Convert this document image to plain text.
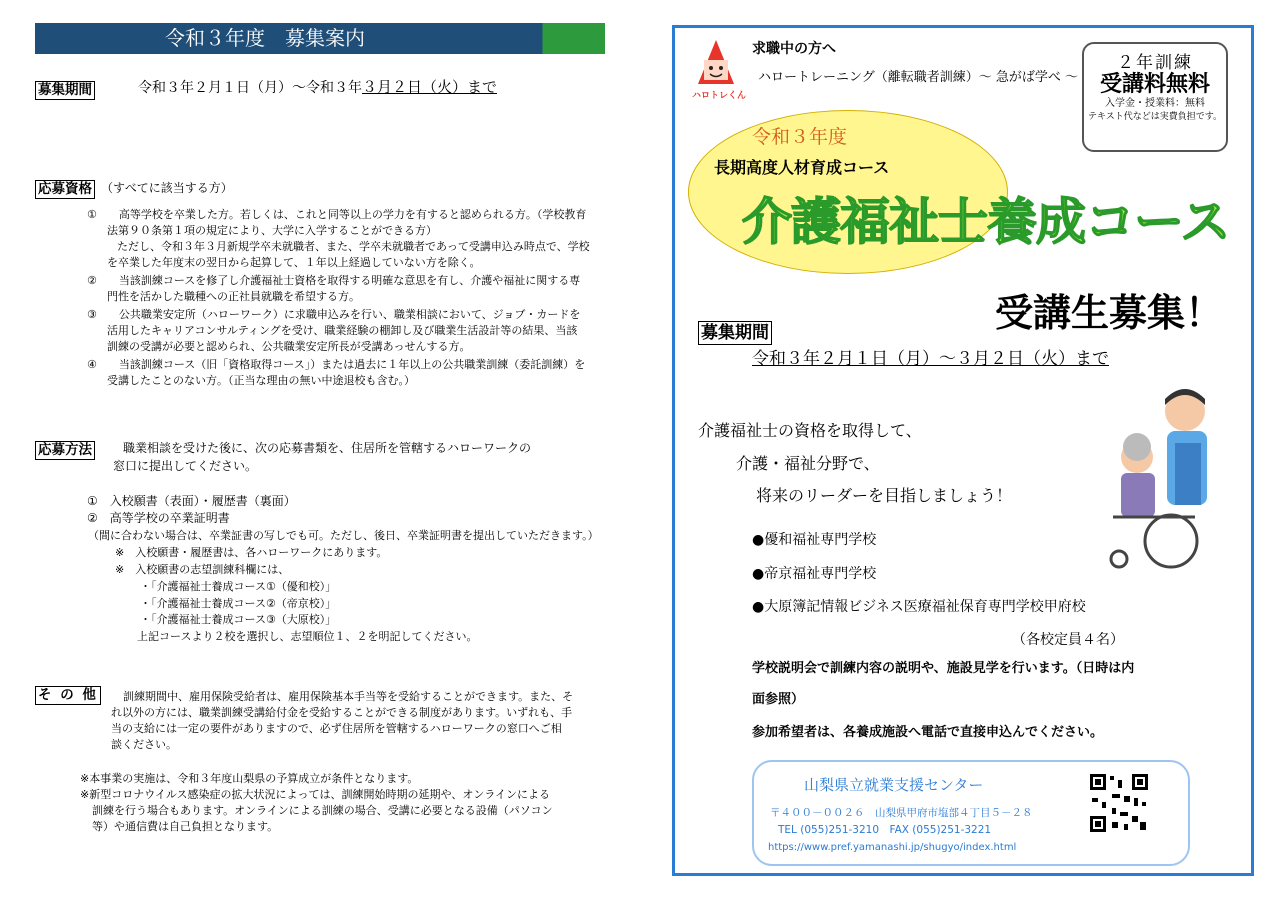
令和３年度　募集案内
募集期間	令和３年２月１日（月）～令和３年３月２日（火）まで
応募資格 （すべてに該当する方）
①　　高等学校を卒業した方。若しくは、これと同等以上の学力を有すると認められる方。（学校教育
法第９０条第１項の規定により、大学に入学することができる方）
ただし、令和３年３月新規学卒未就職者、また、学卒未就職者であって受講申込み時点で、学校
を卒業した年度末の翌日から起算して、１年以上経過していない方を除く。
②　　当該訓練コースを修了し介護福祉士資格を取得する明確な意思を有し、介護や福祉に関する専
門性を活かした職種への正社員就職を希望する方。
③　　公共職業安定所（ハローワーク）に求職申込みを行い、職業相談において、ジョブ・カードを
活用したキャリアコンサルティングを受け、職業経験の棚卸し及び職業生活設計等の結果、当該
訓練の受講が必要と認められ、公共職業安定所長が受講あっせんする方。
④　　当該訓練コース（旧「資格取得コース」）または過去に１年以上の公共職業訓練（委託訓練）を
受講したことのない方。（正当な理由の無い中途退校も含む。）
応募方法	職業相談を受けた後に、次の応募書類を、住居所を管轄するハローワークの
窓口に提出してください。
①　入校願書（表面）・履歴書（裏面）
②　高等学校の卒業証明書
（間に合わない場合は、卒業証書の写しでも可。ただし、後日、卒業証明書を提出していただきます。）
※　入校願書・履歴書は、各ハローワークにあります。
※　入校願書の志望訓練科欄には、
・「介護福祉士養成コース①（優和校）」
・「介護福祉士養成コース②（帝京校）」
・「介護福祉士養成コース③（大原校）」
上記コースより２校を選択し、志望順位１、２を明記してください。
そ の 他 訓練期間中、雇用保険受給者は、雇用保険基本手当等を受給することができます。また、そ
れ以外の方には、職業訓練受講給付金を受給することができる制度があります。いずれも、手
当の支給には一定の要件がありますので、必ず住居所を管轄するハローワークの窓口へご相
談ください。
※本事業の実施は、令和３年度山梨県の予算成立が条件となります。
※新型コロナウイルス感染症の拡大状況によっては、訓練開始時期の延期や、オンラインによる
訓練を行う場合もあります。オンラインによる訓練の場合、受講に必要となる設備（パソコン
等）や通信費は自己負担となります。
ハロトレくん
求職中の方へ
ハロートレーニング（離転職者訓練）～ 急がば学べ ～
２年訓練
受講料無料
入学金・授業料：無料
テキスト代などは実費負担です。
令和３年度
長期高度人材育成コース
介護福祉士養成コース
受講生募集！
募集期間
令和３年２月１日（月）～３月２日（火）まで
介護福祉士の資格を取得して、
介護・福祉分野で、
将来のリーダーを目指しましょう！
●優和福祉専門学校
●帝京福祉専門学校
●大原簿記情報ビジネス医療福祉保育専門学校甲府校
（各校定員４名）
学校説明会で訓練内容の説明や、施設見学を行います。（日時は内
面参照）
参加希望者は、各養成施設へ電話で直接申込んでください。
山梨県立就業支援センター
〒４００－００２６　山梨県甲府市塩部４丁目５－２８
TEL (055)251-3210　FAX (055)251-3221
https://www.pref.yamanashi.jp/shugyo/index.html
